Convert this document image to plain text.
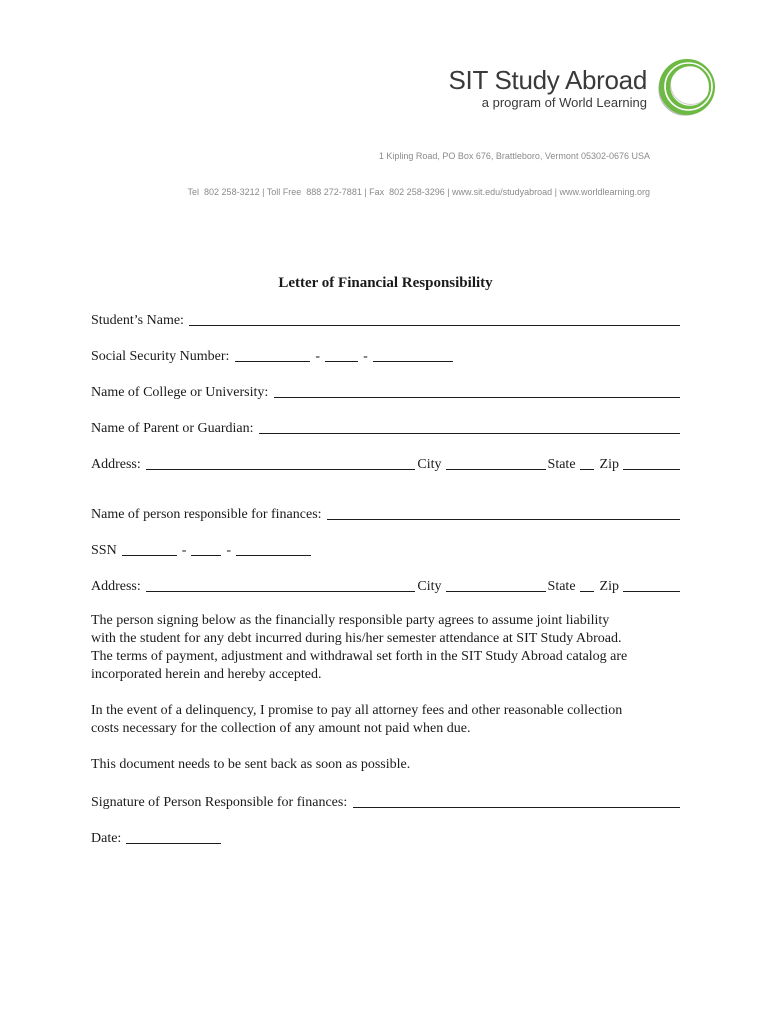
SIT Study Abroad
a program of World Learning

1 Kipling Road, PO Box 676, Brattleboro, Vermont 05302-0676 USA

Tel  802 258-3212 | Toll Free  888 272-7881 | Fax  802 258-3296 | www.sit.edu/studyabroad | www.worldlearning.org

Letter of Financial Responsibility
Student’s Name:
Social Security Number:	-	-
Name of College or University:
Name of Parent or Guardian:
Address:	City	State Zip
Name of person responsible for finances:
SSN	-	-
Address:	City	State Zip
The person signing below as the financially responsible party agrees to assume joint liability
with the student for any debt incurred during his/her semester attendance at SIT Study Abroad.
The terms of payment, adjustment and withdrawal set forth in the SIT Study Abroad catalog are
incorporated herein and hereby accepted.
In the event of a delinquency, I promise to pay all attorney fees and other reasonable collection
costs necessary for the collection of any amount not paid when due.
This document needs to be sent back as soon as possible.
Signature of Person Responsible for finances:
Date:
